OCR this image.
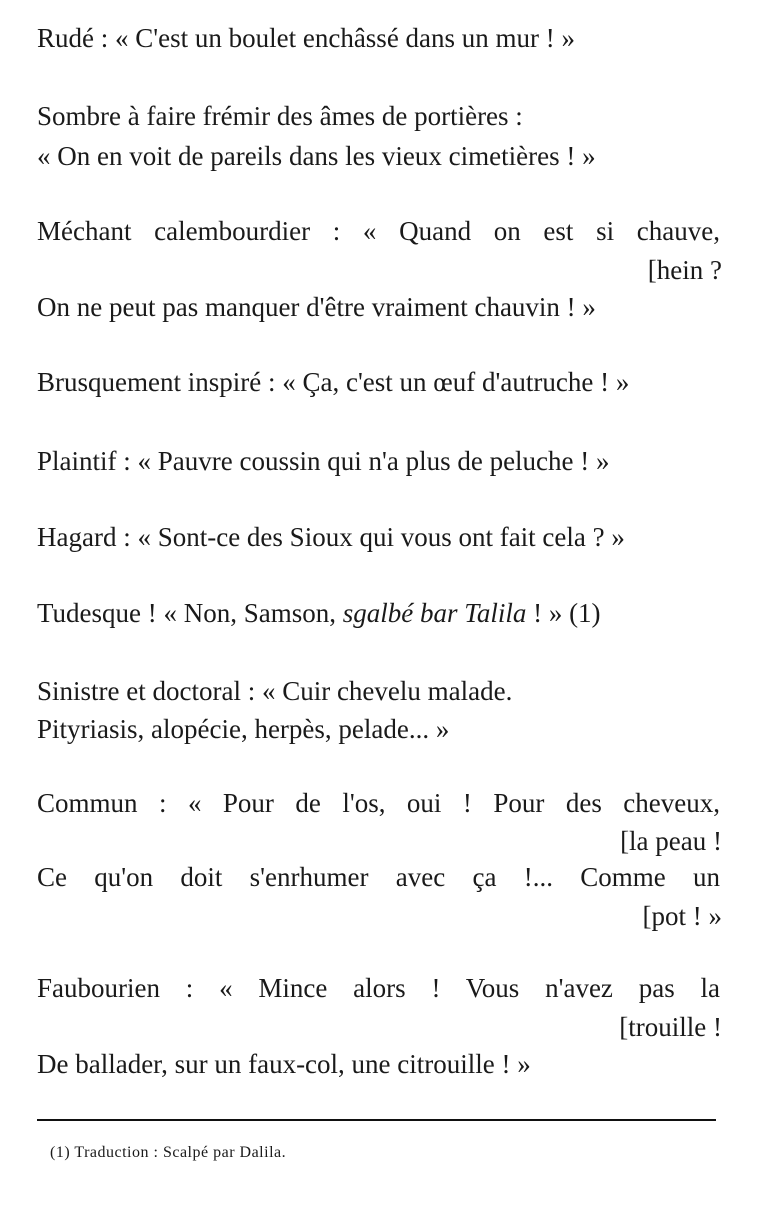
Rudé : « C'est un boulet enchâssé dans un mur ! »
Sombre à faire frémir des âmes de portières :
« On en voit de pareils dans les vieux cimetières ! »
Méchant calembourdier : « Quand on est si chauve,
[hein ?
On ne peut pas manquer d'être vraiment chauvin ! »
Brusquement inspiré : « Ça, c'est un œuf d'autruche ! »
Plaintif : « Pauvre coussin qui n'a plus de peluche ! »
Hagard : « Sont-ce des Sioux qui vous ont fait cela ? »
Tudesque ! « Non, Samson, sgalbé bar Talila ! » (1)
Sinistre et doctoral : « Cuir chevelu malade.
Pityriasis, alopécie, herpès, pelade... »
Commun : « Pour de l'os, oui ! Pour des cheveux,
[la peau !
Ce qu'on doit s'enrhumer avec ça !... Comme un
[pot ! »
Faubourien : « Mince alors ! Vous n'avez pas la
[trouille !
De ballader, sur un faux-col, une citrouille ! »
(1) Traduction : Scalpé par Dalila.
